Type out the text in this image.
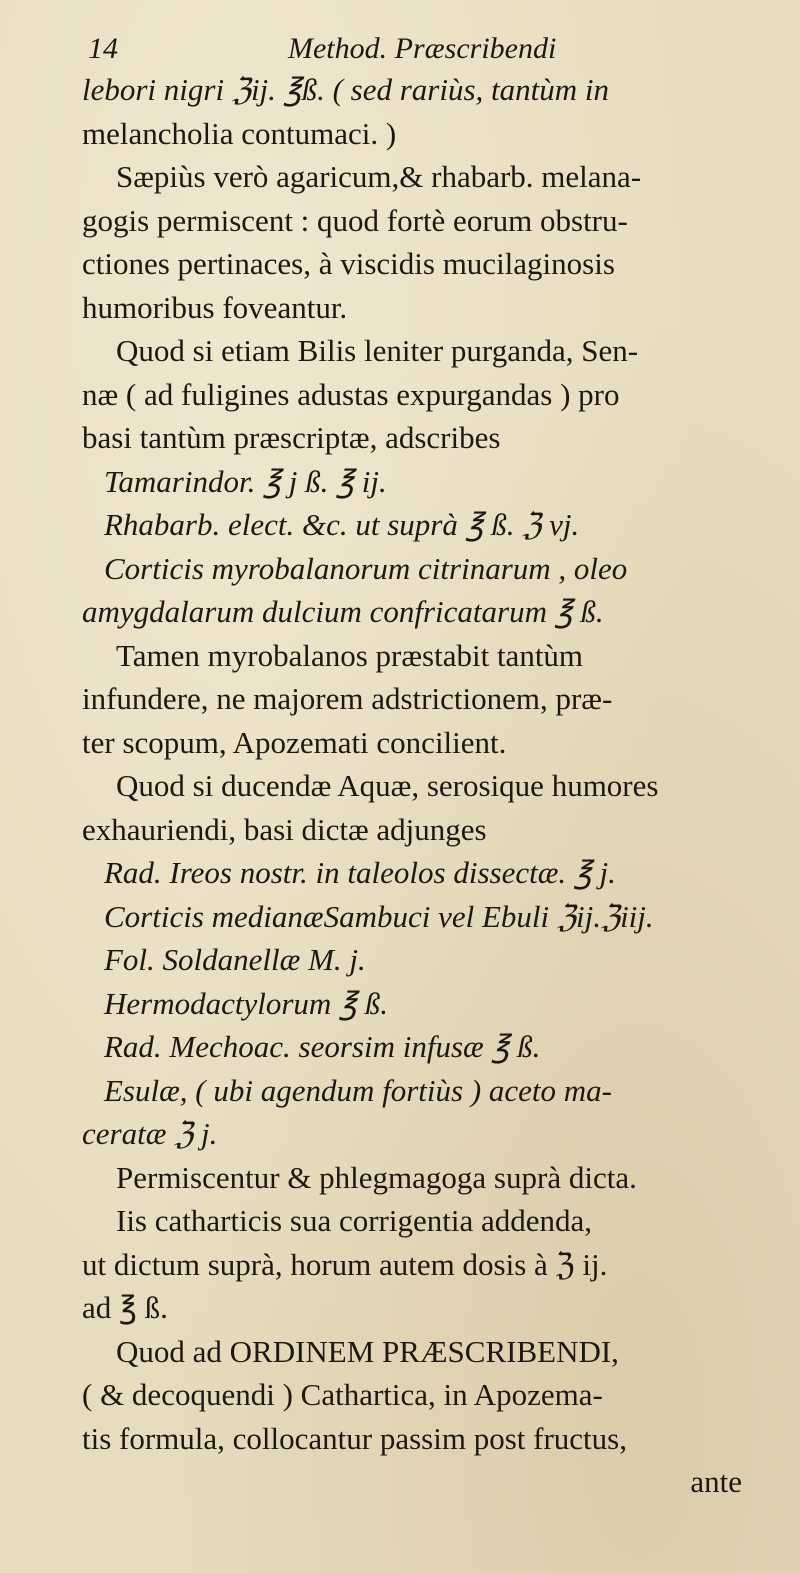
14	Method. Præscribendi
lebori nigri ℨij. ℥ß. ( sed rariùs, tantùm in
melancholia contumaci. )
Sæpiùs verò agaricum,& rhabarb. melana-
gogis permiscent : quod fortè eorum obstru-
ctiones pertinaces, à viscidis mucilaginosis
humoribus foveantur.
Quod si etiam Bilis leniter purganda, Sen-
næ ( ad fuligines adustas expurgandas ) pro
basi tantùm præscriptæ, adscribes
Tamarindor. ℥ j ß. ℥ ij.
Rhabarb. elect. &c. ut suprà ℥ ß. ℨ vj.
Corticis myrobalanorum citrinarum , oleo
amygdalarum dulcium confricatarum ℥ ß.
Tamen myrobalanos præstabit tantùm
infundere, ne majorem adstrictionem, præ-
ter scopum, Apozemati concilient.
Quod si ducendæ Aquæ, serosique humores
exhauriendi, basi dictæ adjunges
Rad. Ireos nostr. in taleolos dissectæ. ℥ j.
Corticis medianæSambuci vel Ebuli ℨij.ℨiij.
Fol. Soldanellæ M. j.
Hermodactylorum ℥ ß.
Rad. Mechoac. seorsim infusæ ℥ ß.
Esulæ, ( ubi agendum fortiùs ) aceto ma-
ceratæ ℨ j.
Permiscentur & phlegmagoga suprà dicta.
Iis catharticis sua corrigentia addenda,
ut dictum suprà, horum autem dosis à ℨ ij.
ad ℥ ß.
Quod ad ORDINEM PRÆSCRIBENDI,
( & decoquendi ) Cathartica, in Apozema-
tis formula, collocantur passim post fructus,
ante
